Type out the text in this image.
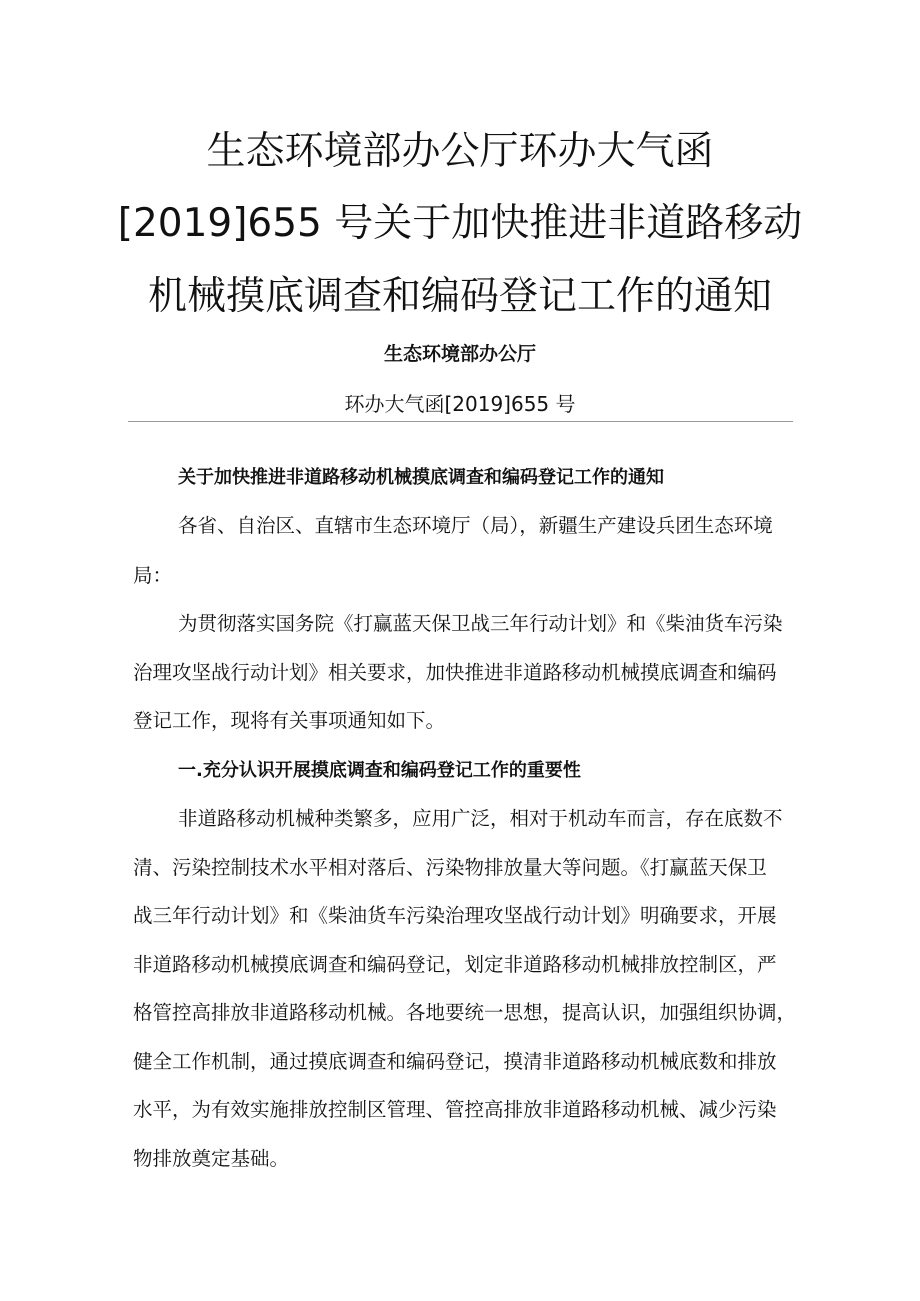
生态环境部办公厅环办大气函
[2019]655 号关于加快推进非道路移动
机械摸底调查和编码登记工作的通知
生态环境部办公厅
环办大气函[2019]655 号
关于加快推进非道路移动机械摸底调查和编码登记工作的通知
各省、自治区、直辖市生态环境厅（局），新疆生产建设兵团生态环境
局：
为贯彻落实国务院《打赢蓝天保卫战三年行动计划》和《柴油货车污染
治理攻坚战行动计划》相关要求，加快推进非道路移动机械摸底调查和编码
登记工作，现将有关事项通知如下。
一.充分认识开展摸底调查和编码登记工作的重要性
非道路移动机械种类繁多，应用广泛，相对于机动车而言，存在底数不
清、污染控制技术水平相对落后、污染物排放量大等问题。《打赢蓝天保卫
战三年行动计划》和《柴油货车污染治理攻坚战行动计划》明确要求，开展
非道路移动机械摸底调查和编码登记，划定非道路移动机械排放控制区，严
格管控高排放非道路移动机械。各地要统一思想，提高认识，加强组织协调，
健全工作机制，通过摸底调查和编码登记，摸清非道路移动机械底数和排放
水平，为有效实施排放控制区管理、管控高排放非道路移动机械、减少污染
物排放奠定基础。
